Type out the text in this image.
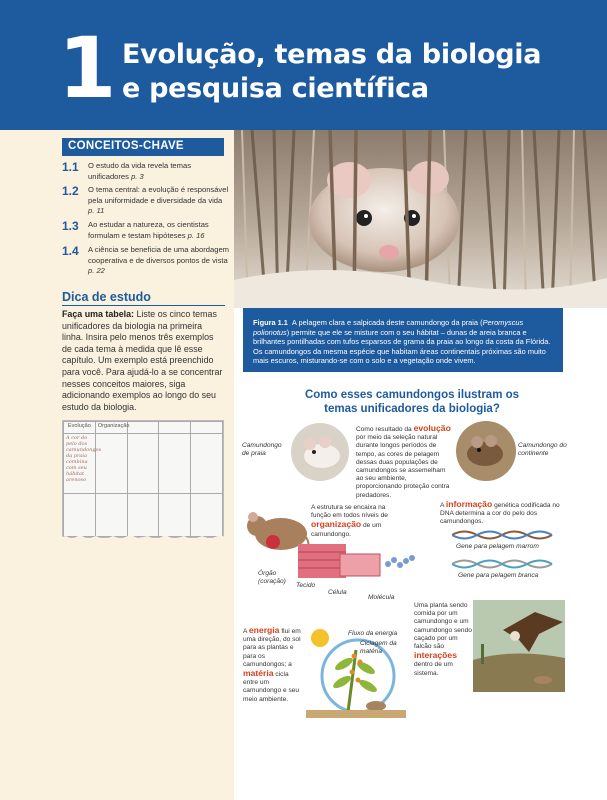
1 Evolução, temas da biologia
e pesquisa científica
CONCEITOS-CHAVE
1.1 O estudo da vida revela temas unificadores p. 3
1.2 O tema central: a evolução é responsável pela uniformidade e diversidade da vida p. 11
1.3 Ao estudar a natureza, os cientistas formulam e testam hipóteses p. 16
1.4 A ciência se beneficia de uma abordagem cooperativa e de diversos pontos de vista p. 22
Dica de estudo
Faça uma tabela: Liste os cinco temas unificadores da biologia na primeira linha. Insira pelo menos três exemplos de cada tema à medida que lê esse capítulo. Um exemplo está preenchido para você. Para ajudá-lo a se concentrar nesses conceitos maiores, siga adicionando exemplos ao longo do seu estudo da biologia.
Evolução	Organização			
A cor do pelo dos camundongos da praia combina com seu hábitat arenoso				

Figura 1.1 A pelagem clara e salpicada deste camundongo da praia (Peromyscus polionotus) permite que ele se misture com o seu hábitat – dunas de areia branca e brilhantes pontilhadas com tufos esparsos de grama da praia ao longo da costa da Flórida. Os camundongos da mesma espécie que habitam áreas continentais próximas são muito mais escuros, misturando-se com o solo e a vegetação onde vivem.
Como esses camundongos ilustram os
temas unificadores da biologia?
Camundongo de praia
Como resultado da evolução por meio da seleção natural durante longos períodos de tempo, as cores de pelagem dessas duas populações de camundongos se assemelham ao seu ambiente, proporcionando proteção contra predadores.
Camundongo do continente
A estrutura se encaixa na função em todos níveis de organização de um camundongo.
Órgão (coração)
Tecido
Célula
Molécula
A informação genética codificada no DNA determina a cor do pelo dos camundongos.
Gene para pelagem marrom
Gene para pelagem branca
A energia flui em uma direção, do sol para as plantas e para os camundongos; a matéria cicla entre um camundongo e seu meio ambiente.
Fluxo da energia
Ciclagem da matéria
Uma planta sendo comida por um camundongo e um camundongo sendo caçado por um falcão são interações dentro de um sistema.
